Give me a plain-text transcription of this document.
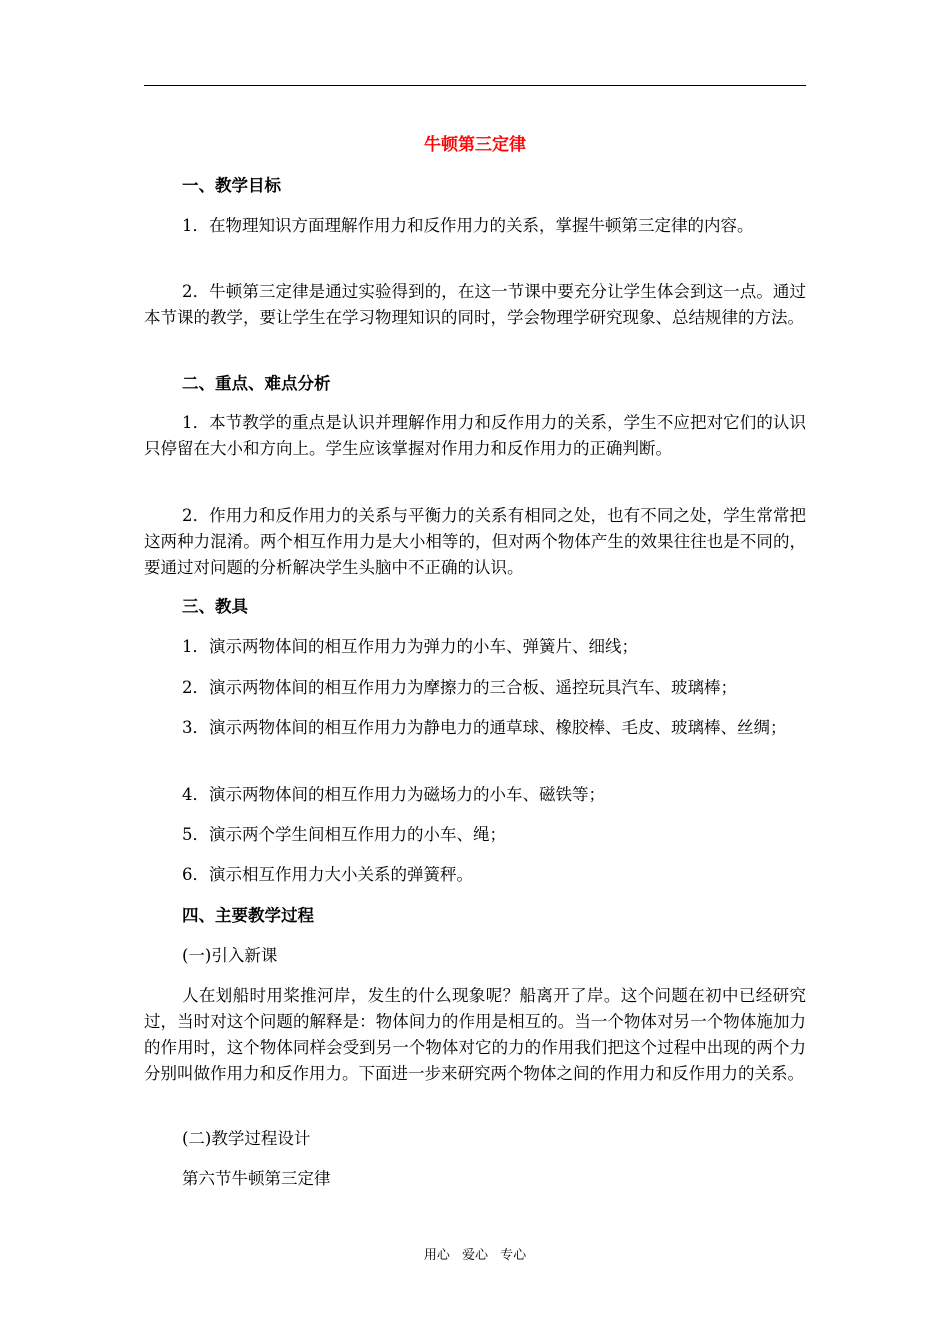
牛顿第三定律
一、教学目标
1．在物理知识方面理解作用力和反作用力的关系，掌握牛顿第三定律的内容。
2．牛顿第三定律是通过实验得到的，在这一节课中要充分让学生体会到这一点。通过本节课的教学，要让学生在学习物理知识的同时，学会物理学研究现象、总结规律的方法。
二、重点、难点分析
1．本节教学的重点是认识并理解作用力和反作用力的关系，学生不应把对它们的认识只停留在大小和方向上。学生应该掌握对作用力和反作用力的正确判断。
2．作用力和反作用力的关系与平衡力的关系有相同之处，也有不同之处，学生常常把这两种力混淆。两个相互作用力是大小相等的，但对两个物体产生的效果往往也是不同的，要通过对问题的分析解决学生头脑中不正确的认识。
三、教具
1．演示两物体间的相互作用力为弹力的小车、弹簧片、细线；
2．演示两物体间的相互作用力为摩擦力的三合板、遥控玩具汽车、玻璃棒；
3．演示两物体间的相互作用力为静电力的通草球、橡胶棒、毛皮、玻璃棒、丝绸；
4．演示两物体间的相互作用力为磁场力的小车、磁铁等；
5．演示两个学生间相互作用力的小车、绳；
6．演示相互作用力大小关系的弹簧秤。
四、主要教学过程
(一)引入新课
人在划船时用桨推河岸，发生的什么现象呢？船离开了岸。这个问题在初中已经研究过，当时对这个问题的解释是：物体间力的作用是相互的。当一个物体对另一个物体施加力的作用时，这个物体同样会受到另一个物体对它的力的作用我们把这个过程中出现的两个力分别叫做作用力和反作用力。下面进一步来研究两个物体之间的作用力和反作用力的关系。
(二)教学过程设计
第六节牛顿第三定律
用心 爱心 专心
